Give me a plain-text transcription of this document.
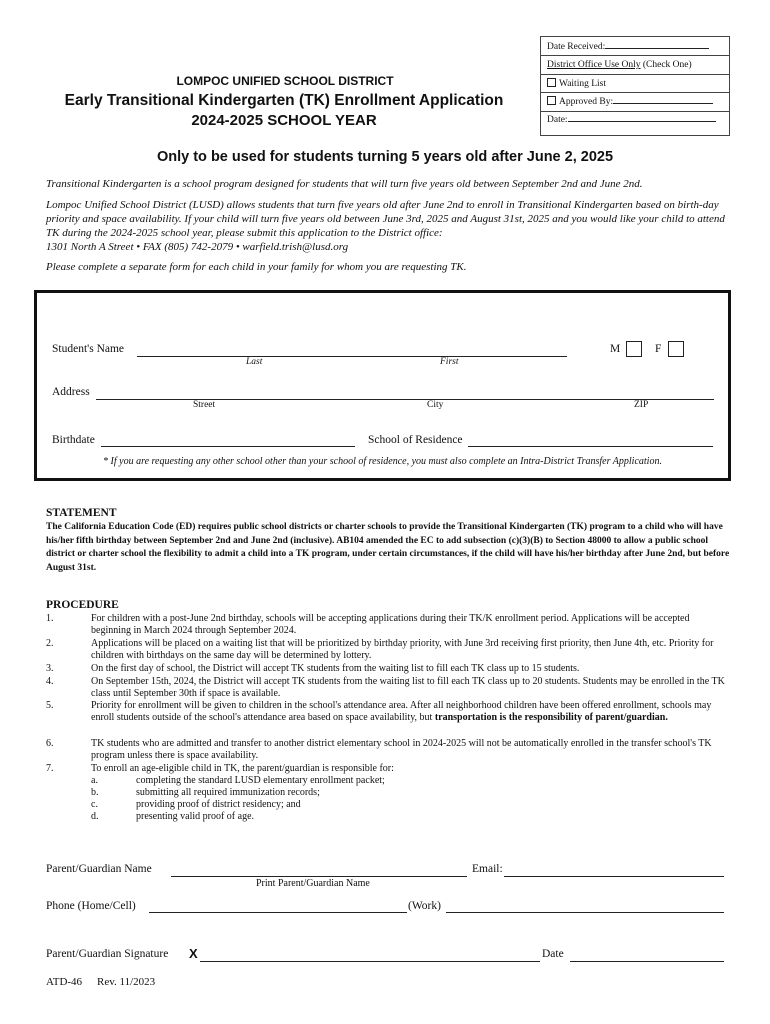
Date Received:
District Office Use Only (Check One)
Waiting List
Approved By:
Date:
LOMPOC UNIFIED SCHOOL DISTRICT
Early Transitional Kindergarten (TK) Enrollment Application
2024-2025 SCHOOL YEAR
Only to be used for students turning 5 years old after June 2, 2025
Transitional Kindergarten is a school program designed for students that will turn five years old between September 2nd and June 2nd.
Lompoc Unified School District (LUSD) allows students that turn five years old after June 2nd to enroll in Transitional Kindergarten based on birth-day priority and space availability. If your child will turn five years old between June 3rd, 2025 and August 31st, 2025 and you would like your child to attend TK during the 2024-2025 school year, please submit this application to the District office:
1301 North A Street • FAX (805) 742-2079 • warfield.trish@lusd.org
Please complete a separate form for each child in your family for whom you are requesting TK.
Student's Name
Last	First
M	F
Address
Street	City	ZIP
Birthdate	School of Residence
* If you are requesting any other school other than your school of residence, you must also complete an Intra-District Transfer Application.
STATEMENT
The California Education Code (ED) requires public school districts or charter schools to provide the Transitional Kindergarten (TK) program to a child who will have his/her fifth birthday between September 2nd and June 2nd (inclusive). AB104 amended the EC to add subsection (c)(3)(B) to Section 48000 to allow a public school district or charter school the flexibility to admit a child into a TK program, under certain circumstances, if the child will have his/her birthday after June 2nd, but before August 31st.
PROCEDURE
1.	For children with a post-June 2nd birthday, schools will be accepting applications during their TK/K enrollment period. Applications will be accepted beginning in March 2024 through September 2024.
2.	Applications will be placed on a waiting list that will be prioritized by birthday priority, with June 3rd receiving first priority, then June 4th, etc. Priority for children with birthdays on the same day will be determined by lottery.
3.	On the first day of school, the District will accept TK students from the waiting list to fill each TK class up to 15 students.
4.	On September 15th, 2024, the District will accept TK students from the waiting list to fill each TK class up to 20 students. Students may be enrolled in the TK class until September 30th if space is available.
5.	Priority for enrollment will be given to children in the school's attendance area. After all neighborhood children have been offered enrollment, schools may enroll students outside of the school's attendance area based on space availability, but transportation is the responsibility of parent/guardian.
6.	TK students who are admitted and transfer to another district elementary school in 2024-2025 will not be automatically enrolled in the transfer school's TK program unless there is space availability.
7.	To enroll an age-eligible child in TK, the parent/guardian is responsible for:
a.	completing the standard LUSD elementary enrollment packet;
b.	submitting all required immunization records;
c.	providing proof of district residency; and
d.	presenting valid proof of age.
Parent/Guardian Name	Email:
Print Parent/Guardian Name
Phone (Home/Cell)	(Work)
Parent/Guardian Signature X	Date
ATD-46 Rev. 11/2023
